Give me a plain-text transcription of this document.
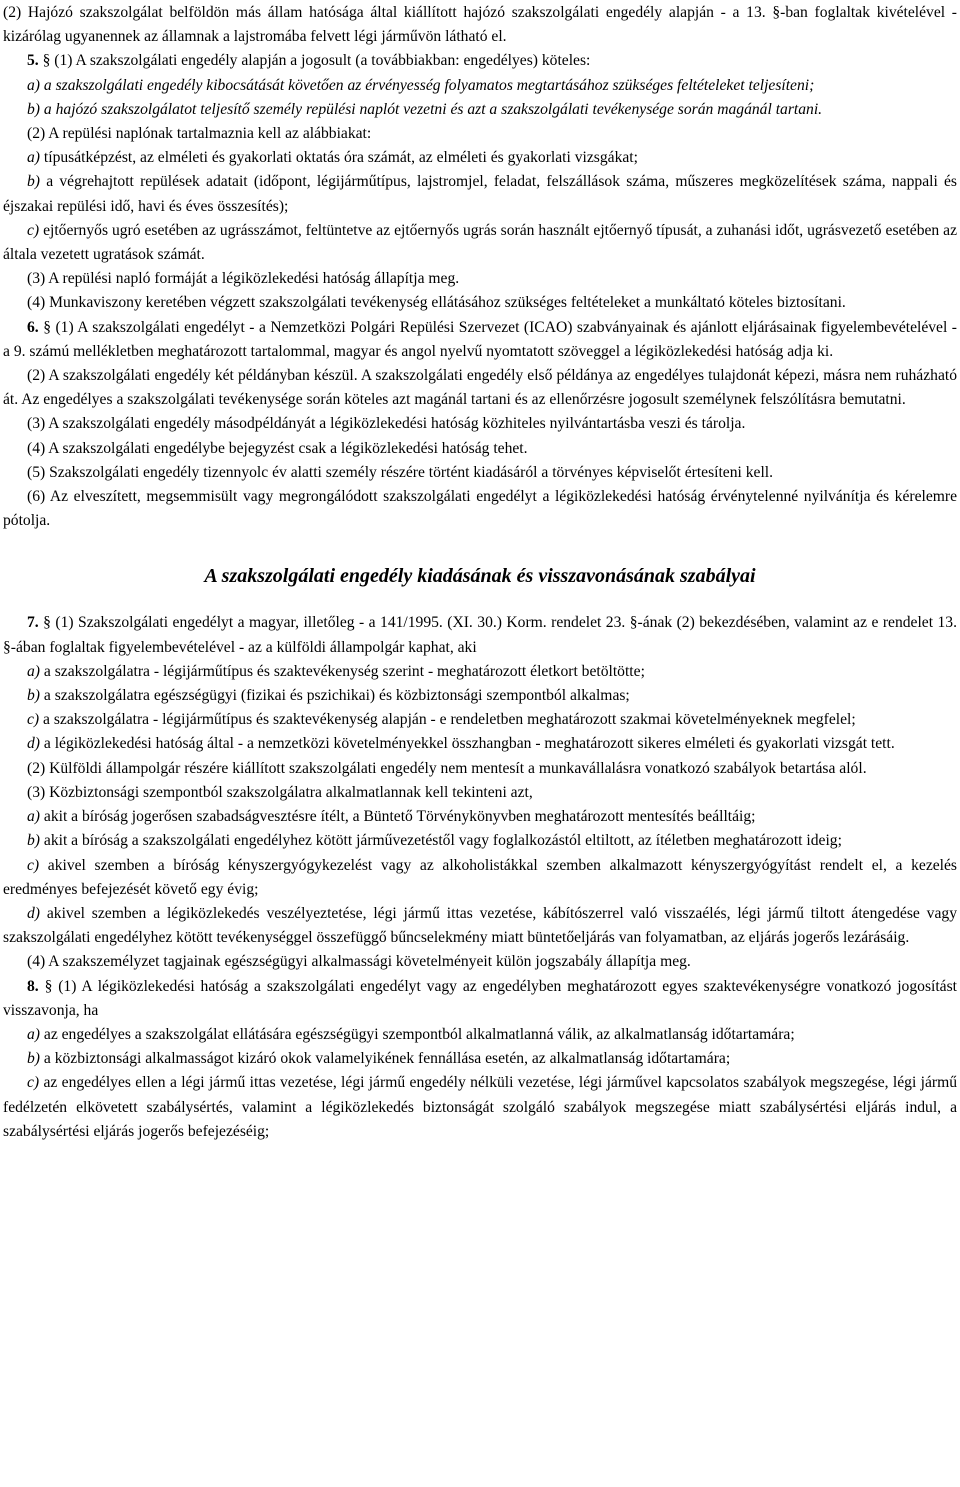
(2) Hajózó szakszolgálat belföldön más állam hatósága által kiállított hajózó szakszolgálati engedély alapján - a 13. §-ban foglaltak kivételével - kizárólag ugyanennek az államnak a lajstromába felvett légi járművön látható el.

5. § (1) A szakszolgálati engedély alapján a jogosult (a továbbiakban: engedélyes) köteles:

a) a szakszolgálati engedély kibocsátását követően az érvényesség folyamatos megtartásához szükséges feltételeket teljesíteni;

b) a hajózó szakszolgálatot teljesítő személy repülési naplót vezetni és azt a szakszolgálati tevékenysége során magánál tartani.

(2) A repülési naplónak tartalmaznia kell az alábbiakat:

a) típusátképzést, az elméleti és gyakorlati oktatás óra számát, az elméleti és gyakorlati vizsgákat;

b) a végrehajtott repülések adatait (időpont, légijárműtípus, lajstromjel, feladat, felszállások száma, műszeres megközelítések száma, nappali és éjszakai repülési idő, havi és éves összesítés);

c) ejtőernyős ugró esetében az ugrásszámot, feltüntetve az ejtőernyős ugrás során használt ejtőernyő típusát, a zuhanási időt, ugrásvezető esetében az általa vezetett ugratások számát.

(3) A repülési napló formáját a légiközlekedési hatóság állapítja meg.

(4) Munkaviszony keretében végzett szakszolgálati tevékenység ellátásához szükséges feltételeket a munkáltató köteles biztosítani.

6. § (1) A szakszolgálati engedélyt - a Nemzetközi Polgári Repülési Szervezet (ICAO) szabványainak és ajánlott eljárásainak figyelembevételével - a 9. számú mellékletben meghatározott tartalommal, magyar és angol nyelvű nyomtatott szöveggel a légiközlekedési hatóság adja ki.

(2) A szakszolgálati engedély két példányban készül. A szakszolgálati engedély első példánya az engedélyes tulajdonát képezi, másra nem ruházható át. Az engedélyes a szakszolgálati tevékenysége során köteles azt magánál tartani és az ellenőrzésre jogosult személynek felszólításra bemutatni.

(3) A szakszolgálati engedély másodpéldányát a légiközlekedési hatóság közhiteles nyilvántartásba veszi és tárolja.

(4) A szakszolgálati engedélybe bejegyzést csak a légiközlekedési hatóság tehet.

(5) Szakszolgálati engedély tizennyolc év alatti személy részére történt kiadásáról a törvényes képviselőt értesíteni kell.

(6) Az elveszített, megsemmisült vagy megrongálódott szakszolgálati engedélyt a légiközlekedési hatóság érvénytelenné nyilvánítja és kérelemre pótolja.

A szakszolgálati engedély kiadásának és visszavonásának szabályai

7. § (1) Szakszolgálati engedélyt a magyar, illetőleg - a 141/1995. (XI. 30.) Korm. rendelet 23. §-ának (2) bekezdésében, valamint az e rendelet 13. §-ában foglaltak figyelembevételével - az a külföldi állampolgár kaphat, aki

a) a szakszolgálatra - légijárműtípus és szaktevékenység szerint - meghatározott életkort betöltötte;

b) a szakszolgálatra egészségügyi (fizikai és pszichikai) és közbiztonsági szempontból alkalmas;

c) a szakszolgálatra - légijárműtípus és szaktevékenység alapján - e rendeletben meghatározott szakmai követelményeknek megfelel;

d) a légiközlekedési hatóság által - a nemzetközi követelményekkel összhangban - meghatározott sikeres elméleti és gyakorlati vizsgát tett.

(2) Külföldi állampolgár részére kiállított szakszolgálati engedély nem mentesít a munkavállalásra vonatkozó szabályok betartása alól.

(3) Közbiztonsági szempontból szakszolgálatra alkalmatlannak kell tekinteni azt,

a) akit a bíróság jogerősen szabadságvesztésre ítélt, a Büntető Törvénykönyvben meghatározott mentesítés beálltáig;

b) akit a bíróság a szakszolgálati engedélyhez kötött járművezetéstől vagy foglalkozástól eltiltott, az ítéletben meghatározott ideig;

c) akivel szemben a bíróság kényszergyógykezelést vagy az alkoholistákkal szemben alkalmazott kényszergyógyítást rendelt el, a kezelés eredményes befejezését követő egy évig;

d) akivel szemben a légiközlekedés veszélyeztetése, légi jármű ittas vezetése, kábítószerrel való visszaélés, légi jármű tiltott átengedése vagy szakszolgálati engedélyhez kötött tevékenységgel összefüggő bűncselekmény miatt büntetőeljárás van folyamatban, az eljárás jogerős lezárásáig.

(4) A szakszemélyzet tagjainak egészségügyi alkalmassági követelményeit külön jogszabály állapítja meg.

8. § (1) A légiközlekedési hatóság a szakszolgálati engedélyt vagy az engedélyben meghatározott egyes szaktevékenységre vonatkozó jogosítást visszavonja, ha

a) az engedélyes a szakszolgálat ellátására egészségügyi szempontból alkalmatlanná válik, az alkalmatlanság időtartamára;

b) a közbiztonsági alkalmasságot kizáró okok valamelyikének fennállása esetén, az alkalmatlanság időtartamára;

c) az engedélyes ellen a légi jármű ittas vezetése, légi jármű engedély nélküli vezetése, légi járművel kapcsolatos szabályok megszegése, légi jármű fedélzetén elkövetett szabálysértés, valamint a légiközlekedés biztonságát szolgáló szabályok megszegése miatt szabálysértési eljárás indul, a szabálysértési eljárás jogerős befejezéséig;
